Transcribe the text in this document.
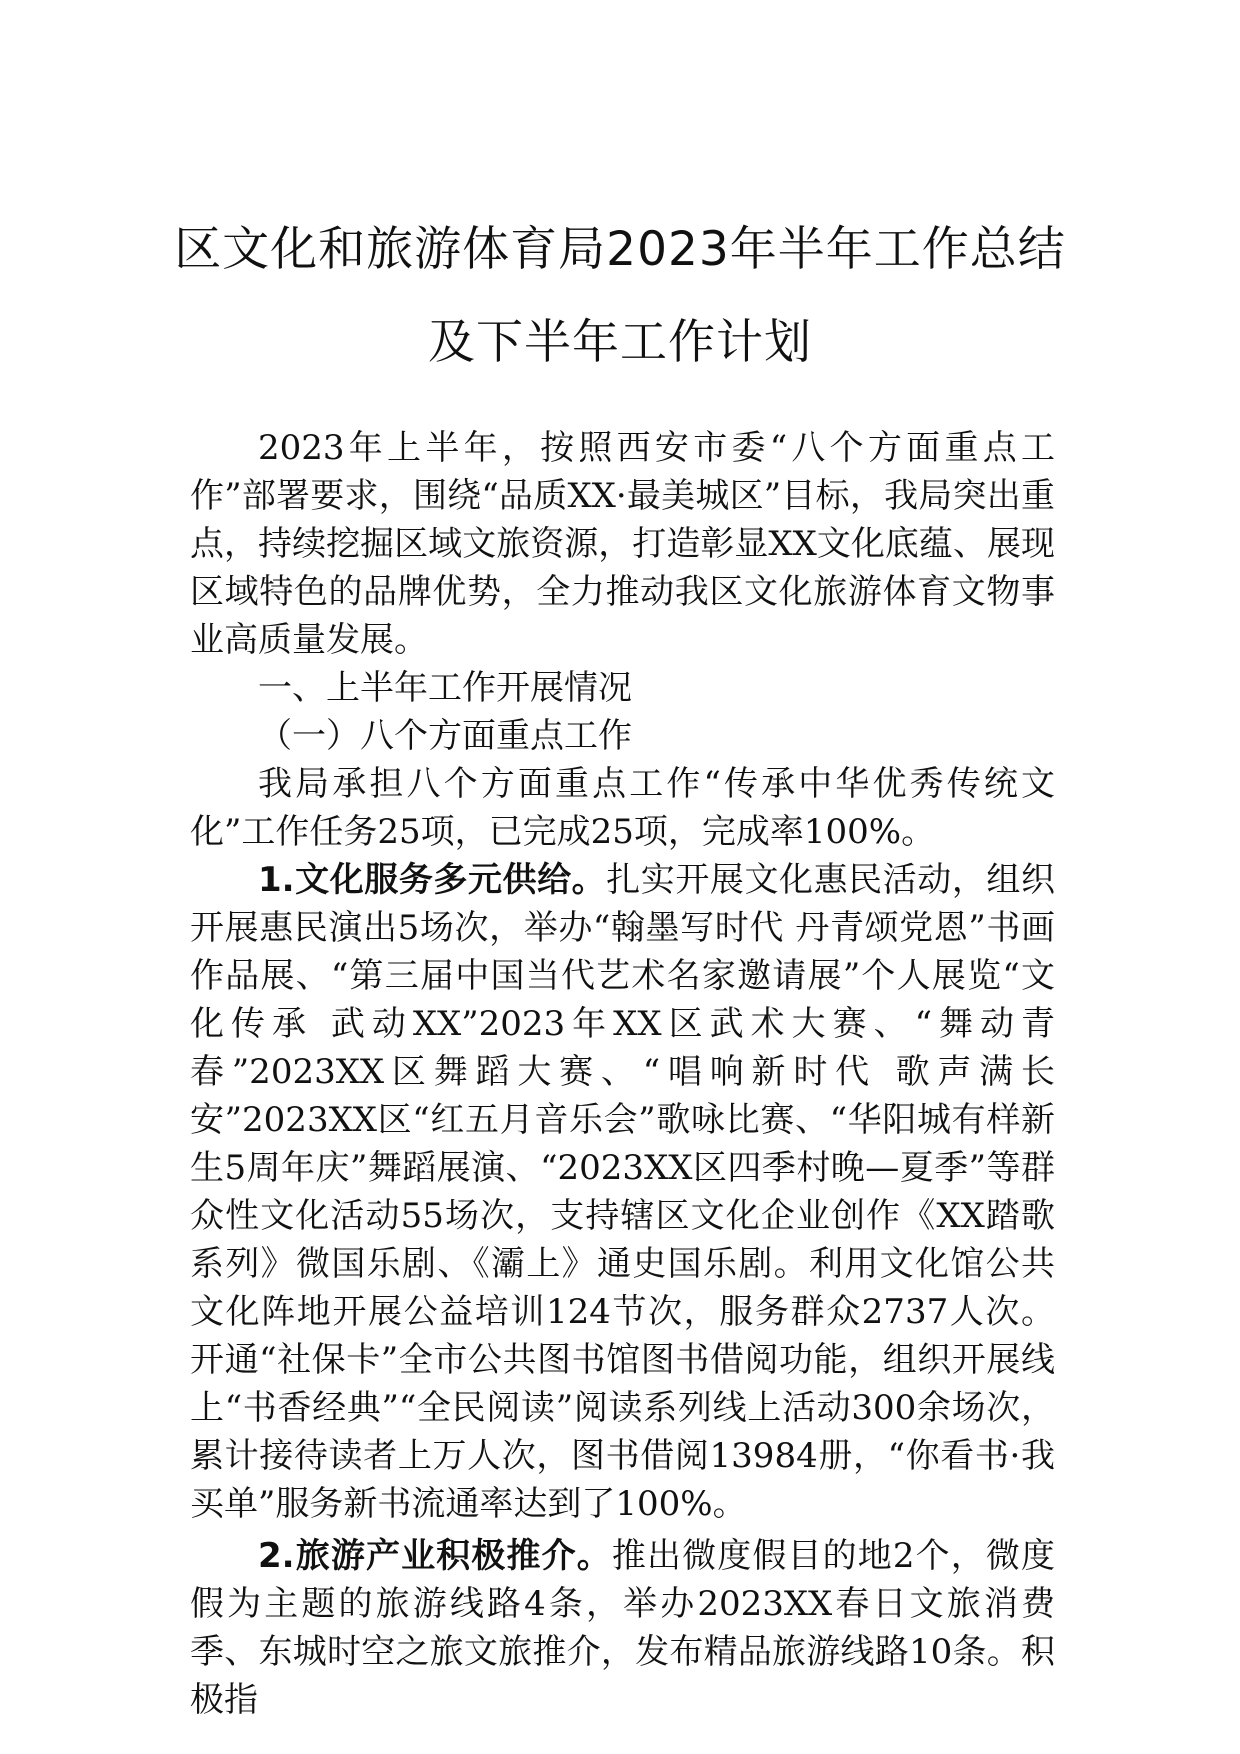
区文化和旅游体育局2023年半年工作总结
及下半年工作计划

2023年上半年，按照西安市委“八个方面重点工作”部署要求，围绕“品质XX·最美城区”目标，我局突出重点，持续挖掘区域文旅资源，打造彰显XX文化底蕴、展现区域特色的品牌优势，全力推动我区文化旅游体育文物事业高质量发展。

一、上半年工作开展情况

（一）八个方面重点工作

我局承担八个方面重点工作“传承中华优秀传统文化”工作任务25项，已完成25项，完成率100%。

1.文化服务多元供给。扎实开展文化惠民活动，组织开展惠民演出5场次，举办“翰墨写时代 丹青颂党恩”书画作品展、“第三届中国当代艺术名家邀请展”个人展览“文化传承 武动XX”2023年XX区武术大赛、“舞动青春”2023XX区舞蹈大赛、“唱响新时代 歌声满长安”2023XX区“红五月音乐会”歌咏比赛、“华阳城有样新生5周年庆”舞蹈展演、“2023XX区四季村晚—夏季”等群众性文化活动55场次，支持辖区文化企业创作《XX踏歌系列》微国乐剧、《灞上》通史国乐剧。利用文化馆公共文化阵地开展公益培训124节次，服务群众2737人次。开通“社保卡”全市公共图书馆图书借阅功能，组织开展线上“书香经典”“全民阅读”阅读系列线上活动300余场次，累计接待读者上万人次，图书借阅13984册，“你看书·我买单”服务新书流通率达到了100%。

2.旅游产业积极推介。推出微度假目的地2个，微度假为主题的旅游线路4条，举办2023XX春日文旅消费季、东城时空之旅文旅推介，发布精品旅游线路10条。积极指
